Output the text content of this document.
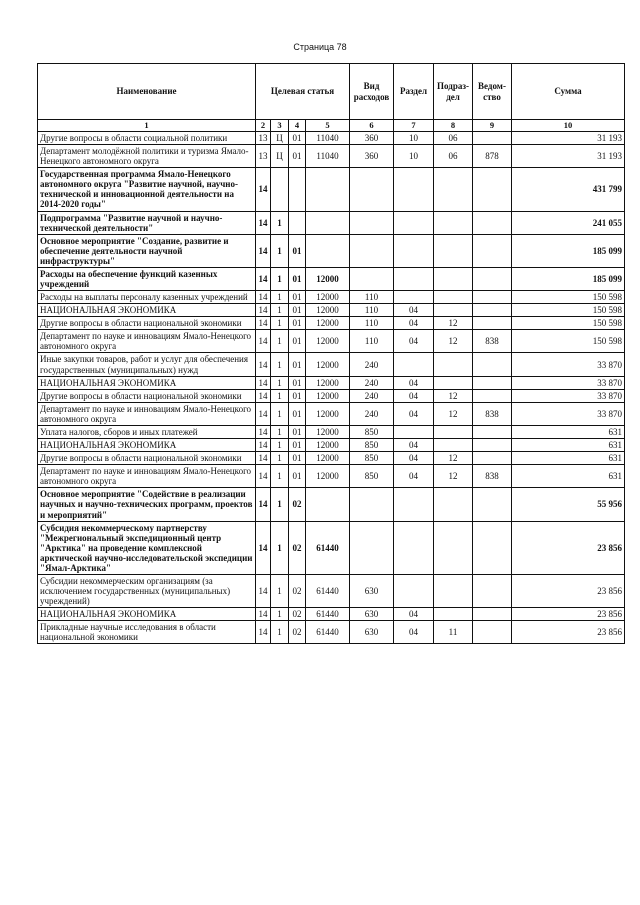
Страница 78
Наименование	Целевая статья				Вид расходов	Раздел	Подраз-дел	Ведом-ство	Сумма
1	2	3	4	5	6	7	8	9	10
Другие вопросы в области социальной политики	13	Ц	01	11040	360	10	06		31 193
Департамент молодёжной политики и туризма Ямало-Ненецкого автономного округа	13	Ц	01	11040	360	10	06	878	31 193
Государственная программа Ямало-Ненецкого автономного округа "Развитие научной, научно-технической и инновационной деятельности на 2014-2020 годы"	14								431 799
Подпрограмма "Развитие научной и научно-технической деятельности"	14	1							241 055
Основное мероприятие "Создание, развитие и обеспечение деятельности научной инфраструктуры"	14	1	01						185 099
Расходы на обеспечение функций казенных учреждений	14	1	01	12000					185 099
Расходы на выплаты персоналу казенных учреждений	14	1	01	12000	110				150 598
НАЦИОНАЛЬНАЯ ЭКОНОМИКА	14	1	01	12000	110	04			150 598
Другие вопросы в области национальной экономики	14	1	01	12000	110	04	12		150 598
Департамент по науке и инновациям Ямало-Ненецкого автономного округа	14	1	01	12000	110	04	12	838	150 598
Иные закупки товаров, работ и услуг для обеспечения государственных (муниципальных) нужд	14	1	01	12000	240				33 870
НАЦИОНАЛЬНАЯ ЭКОНОМИКА	14	1	01	12000	240	04			33 870
Другие вопросы в области национальной экономики	14	1	01	12000	240	04	12		33 870
Департамент по науке и инновациям Ямало-Ненецкого автономного округа	14	1	01	12000	240	04	12	838	33 870
Уплата налогов, сборов и иных платежей	14	1	01	12000	850				631
НАЦИОНАЛЬНАЯ ЭКОНОМИКА	14	1	01	12000	850	04			631
Другие вопросы в области национальной экономики	14	1	01	12000	850	04	12		631
Департамент по науке и инновациям Ямало-Ненецкого автономного округа	14	1	01	12000	850	04	12	838	631
Основное мероприятие "Содействие в реализации научных и научно-технических программ, проектов и мероприятий"	14	1	02						55 956
Субсидия некоммерческому партнерству "Межрегиональный экспедиционный центр "Арктика" на проведение комплексной арктической научно-исследовательской экспедиции "Ямал-Арктика"	14	1	02	61440					23 856
Субсидии некоммерческим организациям (за исключением государственных (муниципальных) учреждений)	14	1	02	61440	630				23 856
НАЦИОНАЛЬНАЯ ЭКОНОМИКА	14	1	02	61440	630	04			23 856
Прикладные научные исследования в области национальной экономики	14	1	02	61440	630	04	11		23 856
